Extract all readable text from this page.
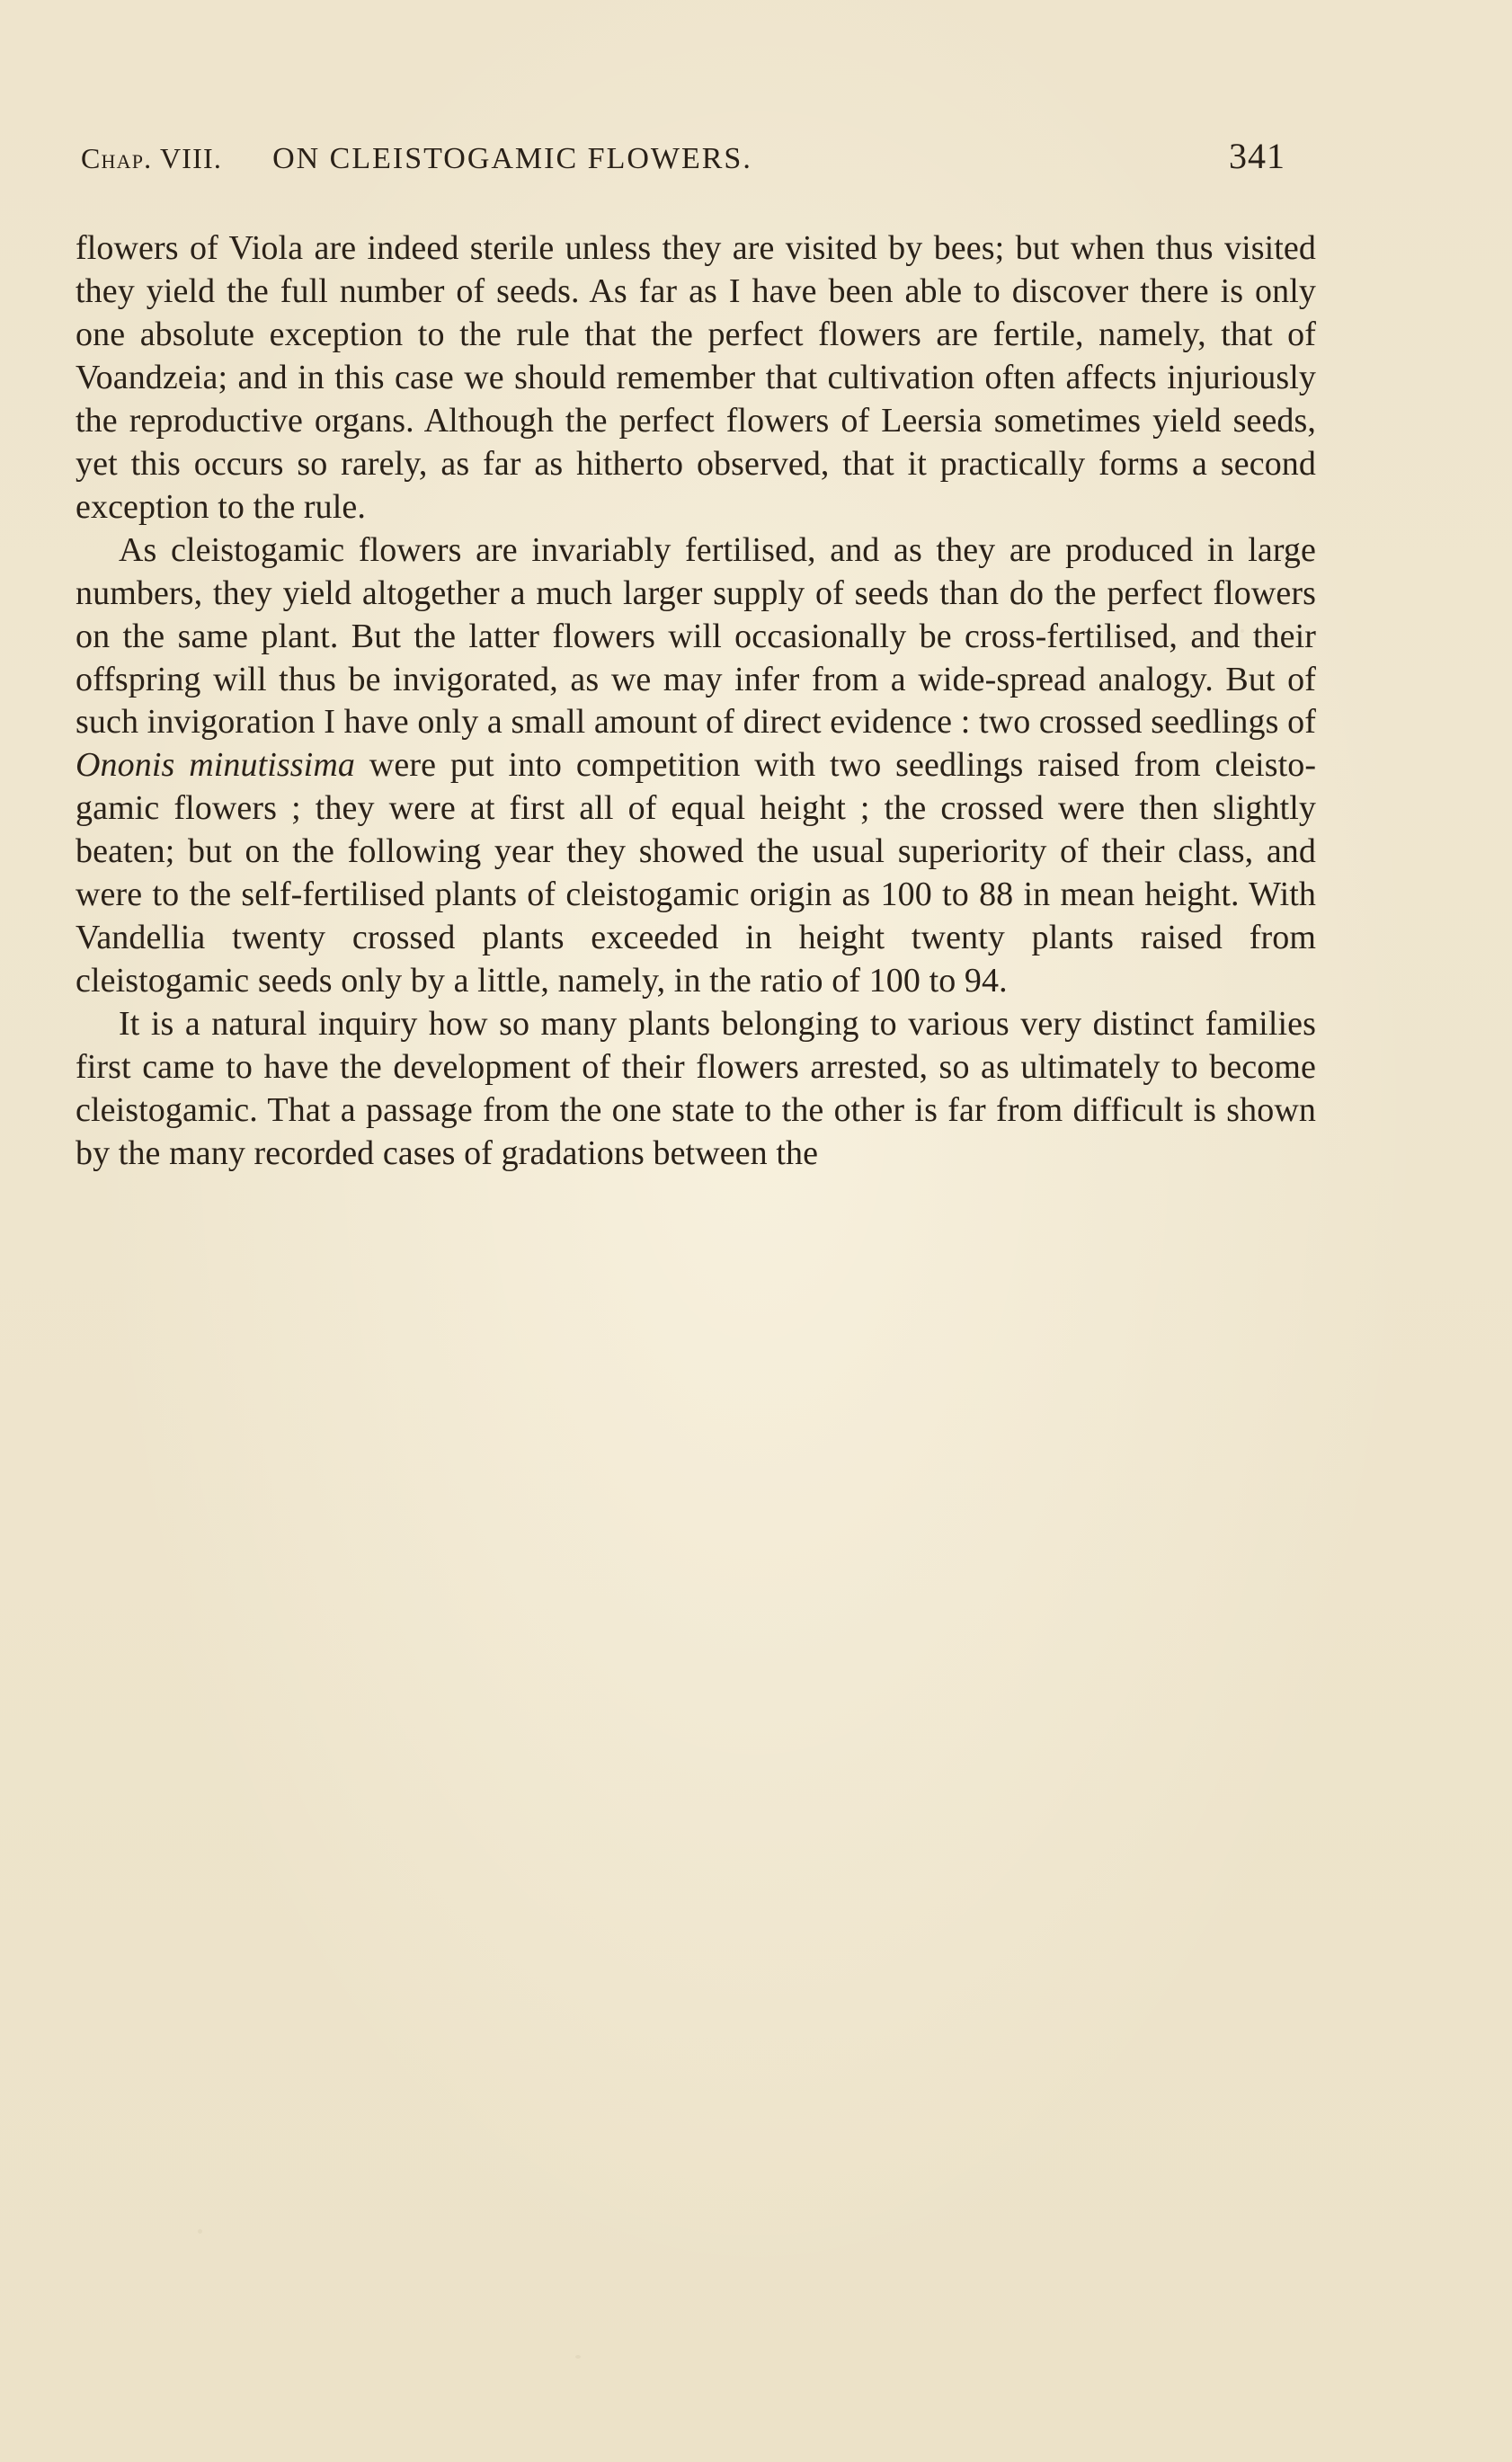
Chap. VIII. ON CLEISTOGAMIC FLOWERS.	341

flowers of Viola are indeed sterile unless they are visited by bees; but when thus visited they yield the full number of seeds. As far as I have been able to discover there is only one absolute exception to the rule that the perfect flowers are fertile, namely, that of Voandzeia; and in this case we should remember that cultivation often affects injuriously the reproductive organs. Although the perfect flowers of Leersia sometimes yield seeds, yet this occurs so rarely, as far as hitherto observed, that it practically forms a second exception to the rule.

As cleistogamic flowers are invariably fertilised, and as they are produced in large numbers, they yield altogether a much larger supply of seeds than do the perfect flowers on the same plant. But the latter flowers will occasionally be cross-fertilised, and their offspring will thus be invigorated, as we may infer from a wide-spread analogy. But of such invigoration I have only a small amount of direct evidence : two crossed seedlings of Ononis minutissima were put into competition with two seedlings raised from cleistogamic flowers ; they were at first all of equal height ; the crossed were then slightly beaten; but on the following year they showed the usual superiority of their class, and were to the self-fertilised plants of cleistogamic origin as 100 to 88 in mean height. With Vandellia twenty crossed plants exceeded in height twenty plants raised from cleistogamic seeds only by a little, namely, in the ratio of 100 to 94.

It is a natural inquiry how so many plants belonging to various very distinct families first came to have the development of their flowers arrested, so as ultimately to become cleistogamic. That a passage from the one state to the other is far from difficult is shown by the many recorded cases of gradations between the
